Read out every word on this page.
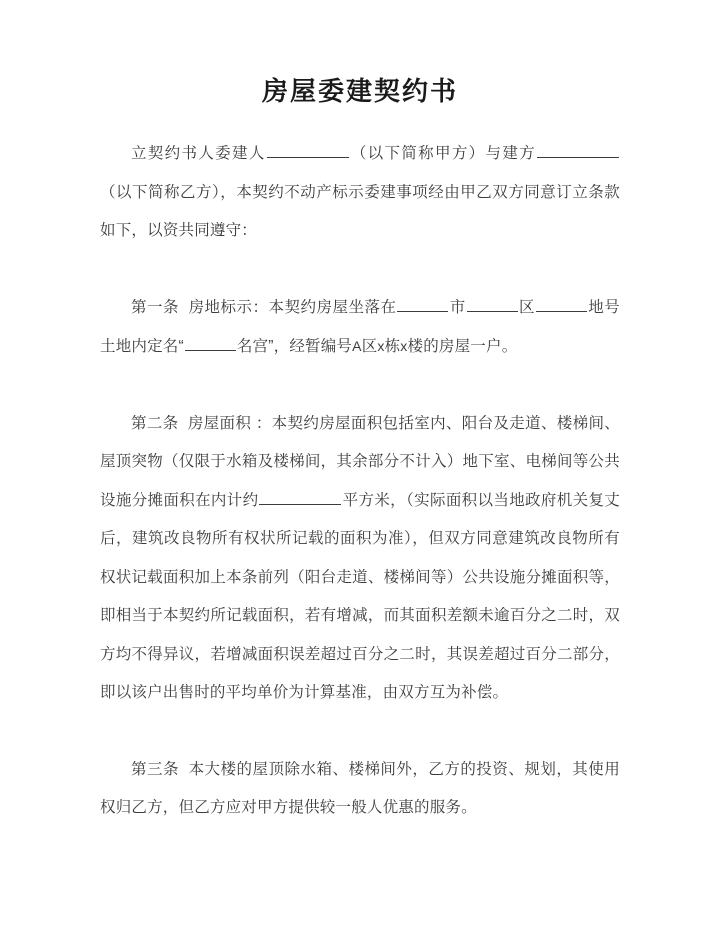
房屋委建契约书

立契约书人委建人	（以下简称甲方）与建方（以下简称乙方），本契约不动产标示委建事项经由甲乙双方同意订立条款如下，以资共同遵守：

第一条 房地标示：本契约房屋坐落在	市	区	地号土地内定名“	名宫”，经暂编号A区x栋x楼的房屋一户。

第二条 房屋面积 ：本契约房屋面积包括室内、阳台及走道、楼梯间、屋顶突物（仅限于水箱及楼梯间，其余部分不计入）地下室、电梯间等公共设施分摊面积在内计约	平方米，（实际面积以当地政府机关复丈后，建筑改良物所有权状所记载的面积为准），但双方同意建筑改良物所有权状记载面积加上本条前列（阳台走道、楼梯间等）公共设施分摊面积等，即相当于本契约所记载面积，若有增减，而其面积差额未逾百分之二时，双方均不得异议，若增减面积误差超过百分之二时，其误差超过百分二部分，即以该户出售时的平均单价为计算基准，由双方互为补偿。

第三条 本大楼的屋顶除水箱、楼梯间外，乙方的投资、规划，其使用权归乙方，但乙方应对甲方提供较一般人优惠的服务。
